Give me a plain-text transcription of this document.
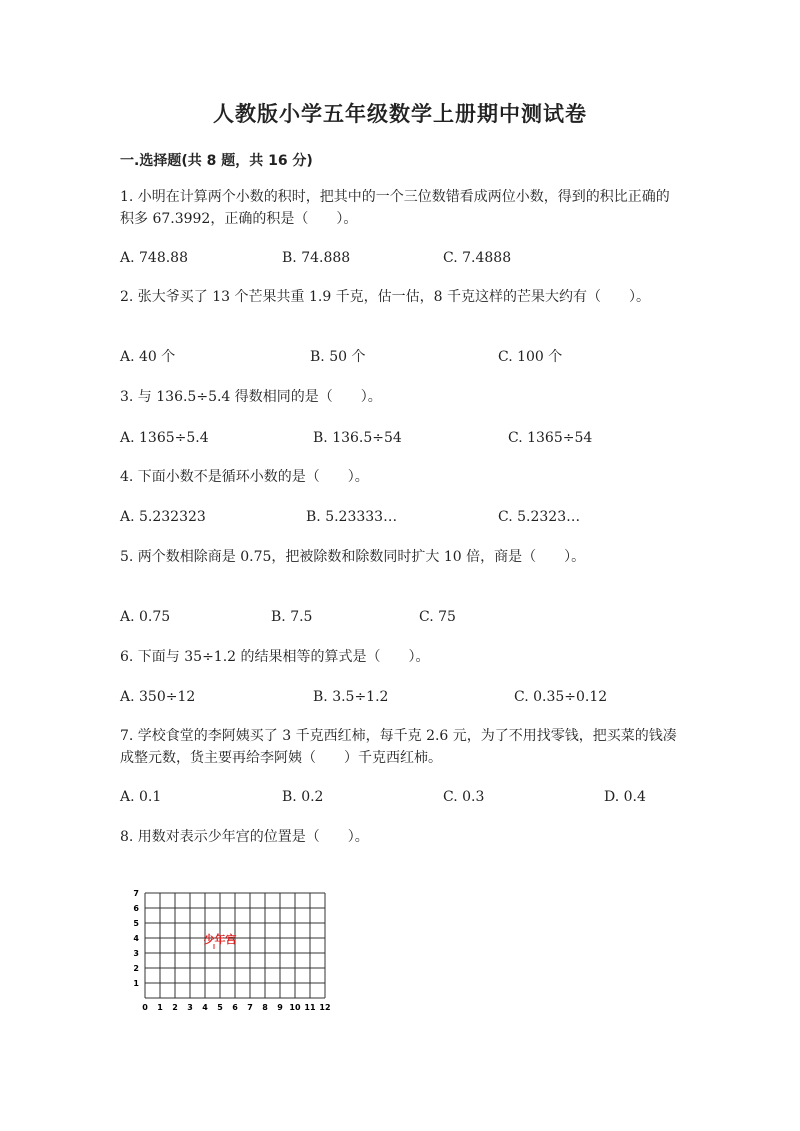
人教版小学五年级数学上册期中测试卷
一.选择题(共 8 题，共 16 分)
1. 小明在计算两个小数的积时，把其中的一个三位数错看成两位小数，得到的积比正确的积多 67.3992，正确的积是（　　）。
A. 748.88	B. 74.888	C. 7.4888
2. 张大爷买了 13 个芒果共重 1.9 千克，估一估，8 千克这样的芒果大约有（　　）。
A. 40 个	B. 50 个	C. 100 个
3. 与 136.5÷5.4 得数相同的是（　　）。
A. 1365÷5.4	B. 136.5÷54	C. 1365÷54
4. 下面小数不是循环小数的是（　　）。
A. 5.232323	B. 5.23333…	C. 5.2323…
5. 两个数相除商是 0.75，把被除数和除数同时扩大 10 倍，商是（　　）。
A. 0.75	B. 7.5	C. 75
6. 下面与 35÷1.2 的结果相等的算式是（　　）。
A. 350÷12	B. 3.5÷1.2	C. 0.35÷0.12
7. 学校食堂的李阿姨买了 3 千克西红柿，每千克 2.6 元，为了不用找零钱，把买菜的钱凑成整元数，货主要再给李阿姨（　　）千克西红柿。
A. 0.1	B. 0.2	C. 0.3	D. 0.4
8. 用数对表示少年宫的位置是（　　）。
0 1 2 3 4 5 6 7 8 9 10 11 12
1
2
3
4
5
6
7
少年宫
